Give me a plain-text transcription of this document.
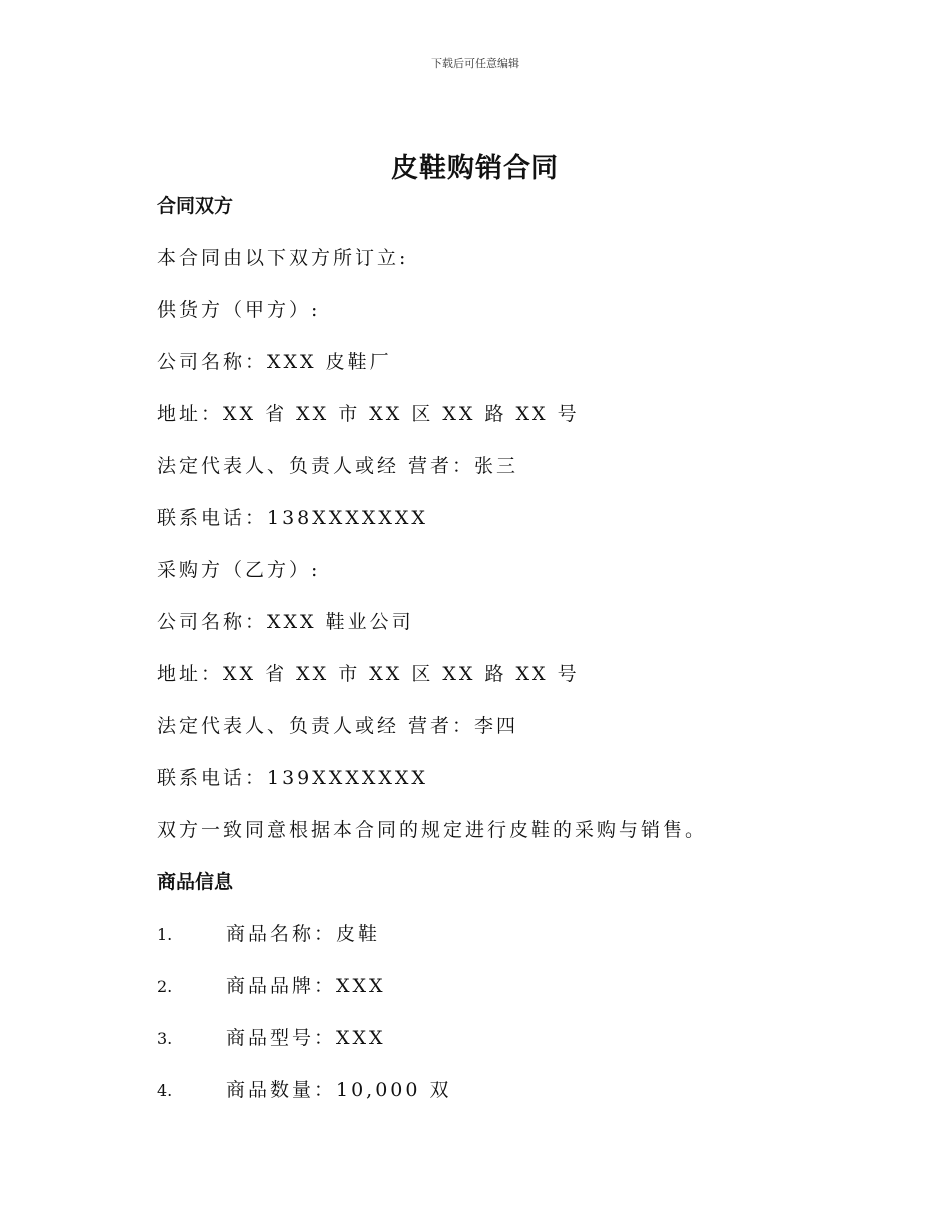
下载后可任意编辑
皮鞋购销合同
合同双方
本合同由以下双方所订立:
供货方（甲方）:
公司名称：XXX 皮鞋厂
地址：XX 省 XX 市 XX 区 XX 路 XX 号
法定代表人、负责人或经 营者：张三
联系电话：138XXXXXXX
采购方（乙方）:
公司名称：XXX 鞋业公司
地址：XX 省 XX 市 XX 区 XX 路 XX 号
法定代表人、负责人或经 营者：李四
联系电话：139XXXXXXX
双方一致同意根据本合同的规定进行皮鞋的采购与销售。
商品信息
1.	商品名称：皮鞋
2.	商品品牌：XXX
3.	商品型号：XXX
4.	商品数量：10,000 双
